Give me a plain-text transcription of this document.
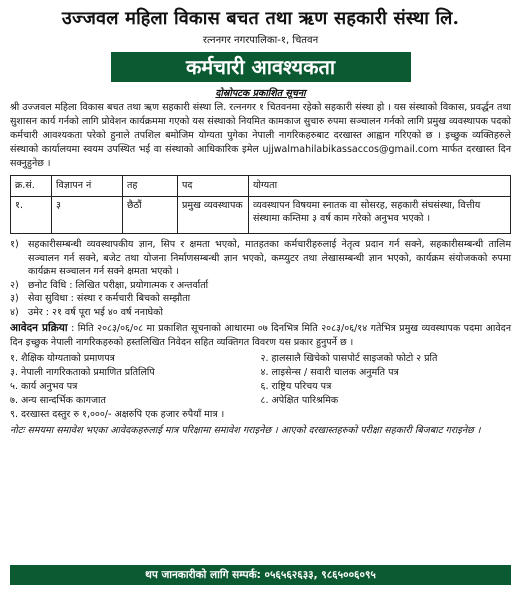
उज्जवल महिला विकास बचत तथा ऋण सहकारी संस्था लि.
रत्ननगर नगरपालिका-१, चितवन
कर्मचारी आवश्यकता
दोस्रोपटक प्रकाशित सूचना
श्री उज्जवल महिला विकास बचत तथा ऋण सहकारी संस्था लि. रत्ननगर १ चितवनमा रहेको सहकारी संस्था हो । यस संस्थाको विकास, प्रवर्द्धन तथा सुशासन कार्य गर्नको लागि प्रोवेशन कार्यक्रममा गएको यस संस्थाको नियमित कामकाज सुचारु रुपमा सञ्चालन गर्नको लागि प्रमुख व्यवस्थापक पदको कर्मचारी आवश्यकता परेको हुनाले तपशिल बमोजिम योग्यता पुगेका नेपाली नागरिकहरुबाट दरखास्त आह्वान गरिएको छ । इच्छुक व्यक्तिहरुले संस्थाको कार्यालयमा स्वयम उपस्थित भई वा संस्थाको आधिकारिक इमेल ujjwalmahilabikassaccos@gmail.com मार्फत दरखास्त दिन सक्नुहुनेछ ।
क्र.सं.	विज्ञापन नं	तह	पद	योग्यता
१.	३	छैठौं	प्रमुख व्यवस्थापक	व्यवस्थापन विषयमा स्नातक वा सोसरह, सहकारी संघसंस्था, वित्तीय संस्थामा कम्तिमा ३ वर्ष काम गरेको अनुभव भएको ।
१) सहकारीसम्बन्धी व्यवस्थापकीय ज्ञान, सिप र क्षमता भएको, मातहतका कर्मचारीहरुलाई नेतृत्व प्रदान गर्न सक्ने, सहकारीसम्बन्धी तालिम सञ्चालन गर्न सक्ने, बजेट तथा योजना निर्माणसम्बन्धी ज्ञान भएको, कम्प्युटर तथा लेखासम्बन्धी ज्ञान भएको, कार्यक्रम संयोजकको रुपमा कार्यक्रम सञ्चालन गर्न सक्ने क्षमता भएको ।
२) छनोट विधि : लिखित परीक्षा, प्रयोगात्मक र अन्तर्वार्ता
३) सेवा सुविधा : संस्था र कर्मचारी बिचको सम्झौता
४) उमेर : २१ वर्ष पूरा भई ४० वर्ष ननाघेको
आवेदन प्रक्रिया : मिति २०८३/०६/०८ मा प्रकाशित सूचनाको आधारमा ०७ दिनभित्र मिति २०८३/०६/१४ गतेभित्र प्रमुख व्यवस्थापक पदमा आवेदन दिन इच्छुक नेपाली नागरिकहरुको हस्तलिखित निवेदन सहित व्यक्तिगत विवरण यस प्रकार हुनुपर्ने छ ।
१. शैक्षिक योग्यताको प्रमाणपत्र	२. हालसालै खिचेको पासपोर्ट साइजको फोटो २ प्रति
३. नेपाली नागरिकताको प्रमाणित प्रतिलिपि	४. लाइसेन्स / सवारी चालक अनुमति पत्र
५. कार्य अनुभव पत्र	६. राष्ट्रिय परिचय पत्र
७. अन्य सान्दर्भिक कागजात	८. अपेक्षित पारिश्रमिक
९. दरखास्त दस्तुर रु १,०००/- अक्षरुपि एक हजार रुपैयाँ मात्र ।
नोटः समयमा समावेश भएका आवेदकहरुलाई मात्र परिक्षामा समावेश गराइनेछ । आएको दरखास्तहरुको परीक्षा सहकारी बिजबाट गराइनेछ ।
थप जानकारीको लागि सम्पर्क: ०५६५६२६३३, ९८६५००६०९५
